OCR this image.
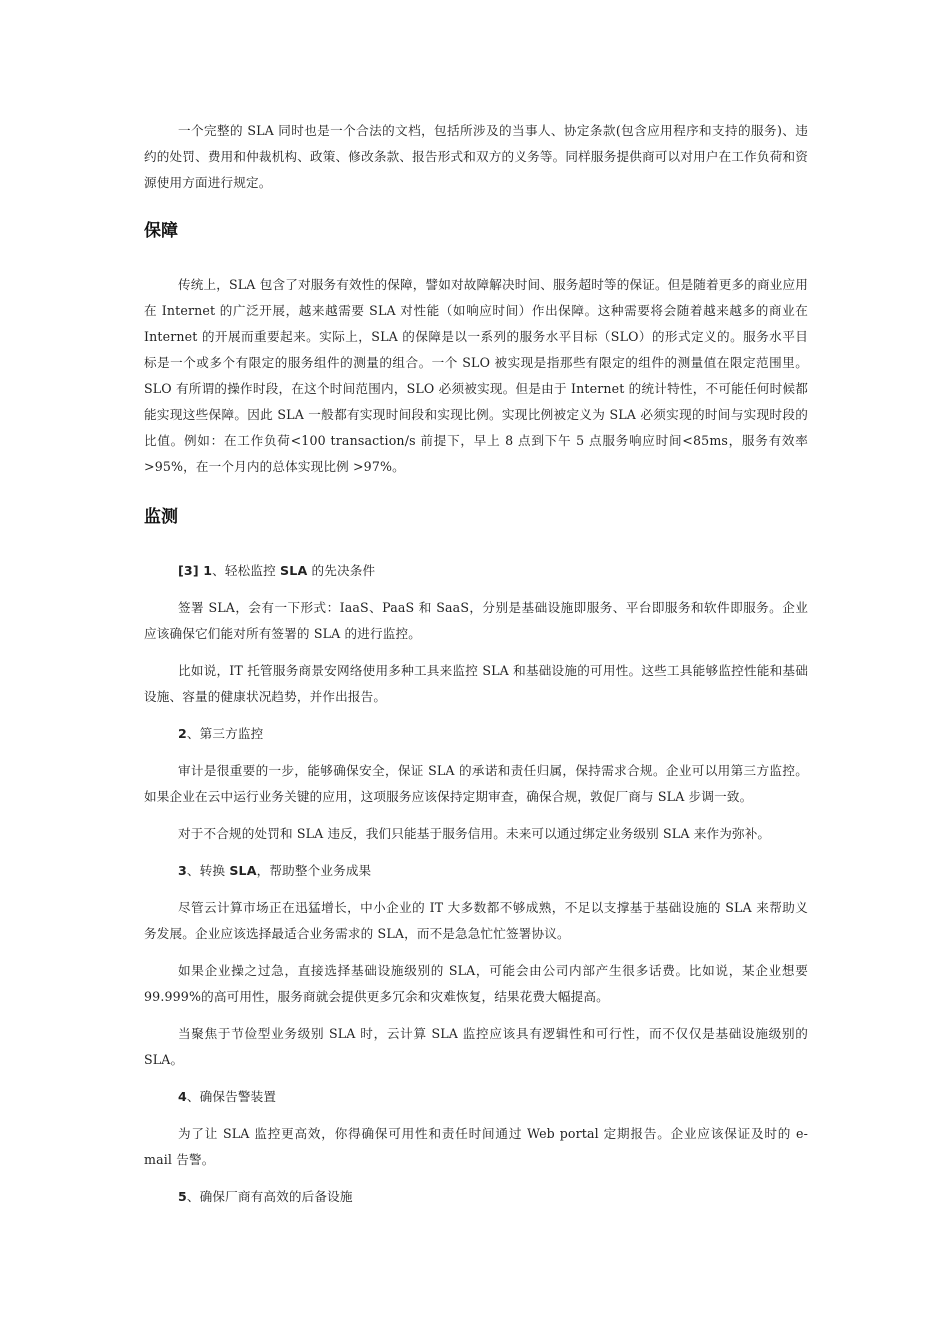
一个完整的 SLA 同时也是一个合法的文档，包括所涉及的当事人、协定条款(包含应用程序和支持的服务)、违约的处罚、费用和仲裁机构、政策、修改条款、报告形式和双方的义务等。同样服务提供商可以对用户在工作负荷和资源使用方面进行规定。

保障

传统上，SLA 包含了对服务有效性的保障，譬如对故障解决时间、服务超时等的保证。但是随着更多的商业应用在 Internet 的广泛开展，越来越需要 SLA 对性能（如响应时间）作出保障。这种需要将会随着越来越多的商业在 Internet 的开展而重要起来。实际上，SLA 的保障是以一系列的服务水平目标（SLO）的形式定义的。服务水平目标是一个或多个有限定的服务组件的测量的组合。一个 SLO 被实现是指那些有限定的组件的测量值在限定范围里。SLO 有所谓的操作时段，在这个时间范围内，SLO 必须被实现。但是由于 Internet 的统计特性，不可能任何时候都能实现这些保障。因此 SLA 一般都有实现时间段和实现比例。实现比例被定义为 SLA 必须实现的时间与实现时段的比值。例如：在工作负荷<100 transaction/s 前提下，早上 8 点到下午 5 点服务响应时间<85ms，服务有效率>95%，在一个月内的总体实现比例 >97%。

监测

[3] 1、轻松监控 SLA 的先决条件

签署 SLA，会有一下形式：IaaS、PaaS 和 SaaS，分别是基础设施即服务、平台即服务和软件即服务。企业应该确保它们能对所有签署的 SLA 的进行监控。

比如说，IT 托管服务商景安网络使用多种工具来监控 SLA 和基础设施的可用性。这些工具能够监控性能和基础设施、容量的健康状况趋势，并作出报告。

2、第三方监控

审计是很重要的一步，能够确保安全，保证 SLA 的承诺和责任归属，保持需求合规。企业可以用第三方监控。如果企业在云中运行业务关键的应用，这项服务应该保持定期审查，确保合规，敦促厂商与 SLA 步调一致。

对于不合规的处罚和 SLA 违反，我们只能基于服务信用。未来可以通过绑定业务级别 SLA 来作为弥补。

3、转换 SLA，帮助整个业务成果

尽管云计算市场正在迅猛增长，中小企业的 IT 大多数都不够成熟，不足以支撑基于基础设施的 SLA 来帮助义务发展。企业应该选择最适合业务需求的 SLA，而不是急急忙忙签署协议。

如果企业操之过急，直接选择基础设施级别的 SLA，可能会由公司内部产生很多话费。比如说，某企业想要 99.999%的高可用性，服务商就会提供更多冗余和灾难恢复，结果花费大幅提高。

当聚焦于节俭型业务级别 SLA 时，云计算 SLA 监控应该具有逻辑性和可行性，而不仅仅是基础设施级别的 SLA。

4、确保告警装置

为了让 SLA 监控更高效，你得确保可用性和责任时间通过 Web portal 定期报告。企业应该保证及时的 e-mail 告警。

5、确保厂商有高效的后备设施
